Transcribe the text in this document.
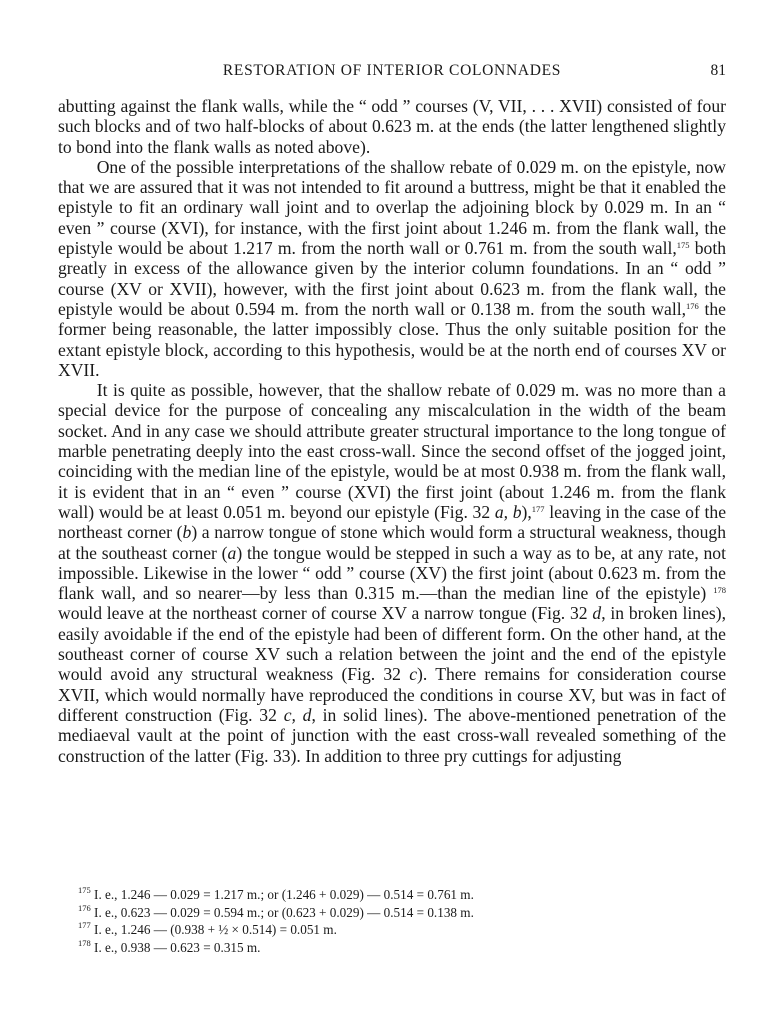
RESTORATION OF INTERIOR COLONNADES	81

abutting against the flank walls, while the “ odd ” courses (V, VII, . . . XVII) consisted of four such blocks and of two half-blocks of about 0.623 m. at the ends (the latter lengthened slightly to bond into the flank walls as noted above).

One of the possible interpretations of the shallow rebate of 0.029 m. on the epistyle, now that we are assured that it was not intended to fit around a buttress, might be that it enabled the epistyle to fit an ordinary wall joint and to overlap the adjoining block by 0.029 m. In an “ even ” course (XVI), for instance, with the first joint about 1.246 m. from the flank wall, the epistyle would be about 1.217 m. from the north wall or 0.761 m. from the south wall,$^{175}$ both greatly in excess of the allowance given by the interior column foundations. In an “ odd ” course (XV or XVII), however, with the first joint about 0.623 m. from the flank wall, the epistyle would be about 0.594 m. from the north wall or 0.138 m. from the south wall,$^{176}$ the former being reasonable, the latter impossibly close. Thus the only suitable position for the extant epistyle block, according to this hypothesis, would be at the north end of courses XV or XVII.

It is quite as possible, however, that the shallow rebate of 0.029 m. was no more than a special device for the purpose of concealing any miscalculation in the width of the beam socket. And in any case we should attribute greater structural importance to the long tongue of marble penetrating deeply into the east cross-wall. Since the second offset of the jogged joint, coinciding with the median line of the epistyle, would be at most 0.938 m. from the flank wall, it is evident that in an “ even ” course (XVI) the first joint (about 1.246 m. from the flank wall) would be at least 0.051 m. beyond our epistyle (Fig. 32 a, b),$^{177}$ leaving in the case of the northeast corner (b) a narrow tongue of stone which would form a structural weakness, though at the southeast corner (a) the tongue would be stepped in such a way as to be, at any rate, not impossible. Likewise in the lower “ odd ” course (XV) the first joint (about 0.623 m. from the flank wall, and so nearer—by less than 0.315 m.—than the median line of the epistyle) $^{178}$ would leave at the northeast corner of course XV a narrow tongue (Fig. 32 d, in broken lines), easily avoidable if the end of the epistyle had been of different form. On the other hand, at the southeast corner of course XV such a relation between the joint and the end of the epistyle would avoid any structural weakness (Fig. 32 c). There remains for consideration course XVII, which would normally have reproduced the conditions in course XV, but was in fact of different construction (Fig. 32 c, d, in solid lines). The above-mentioned penetration of the mediaeval vault at the point of junction with the east cross-wall revealed something of the construction of the latter (Fig. 33). In addition to three pry cuttings for adjusting

$^{175}$ I. e., 1.246 — 0.029 = 1.217 m.; or (1.246 + 0.029) — 0.514 = 0.761 m.
$^{176}$ I. e., 0.623 — 0.029 = 0.594 m.; or (0.623 + 0.029) — 0.514 = 0.138 m.
$^{177}$ I. e., 1.246 — (0.938 + ½ × 0.514) = 0.051 m.
$^{178}$ I. e., 0.938 — 0.623 = 0.315 m.
